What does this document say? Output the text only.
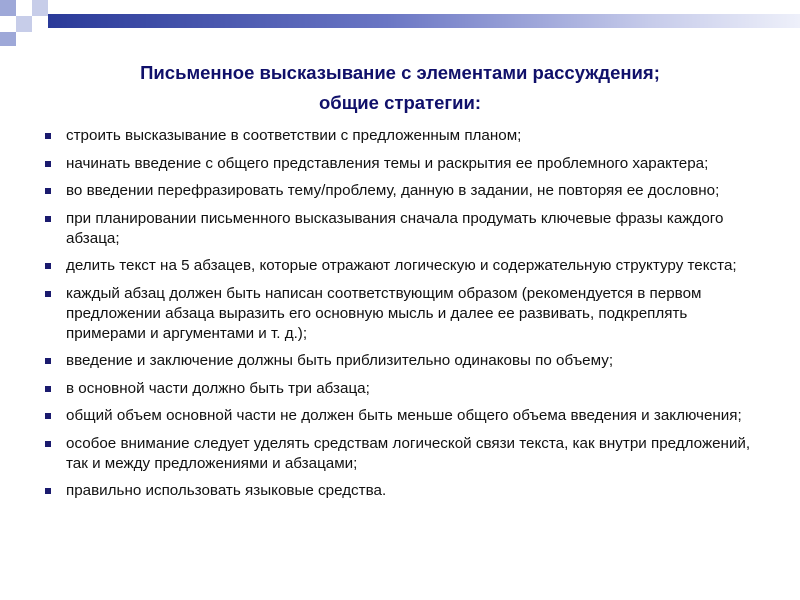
Письменное высказывание с элементами рассуждения;
общие стратегии:
строить высказывание в соответствии с предложенным планом;
начинать введение с общего представления темы и раскрытия ее проблемного характера;
во введении перефразировать тему/проблему, данную в задании, не повторяя ее дословно;
при планировании письменного высказывания сначала продумать ключевые фразы каждого абзаца;
делить текст на 5 абзацев, которые отражают логическую и содержательную структуру текста;
каждый абзац должен быть написан соответствующим образом (рекомендуется в первом предложении абзаца выразить его основную мысль и далее ее развивать, подкреплять примерами и аргументами и т. д.);
введение и заключение должны быть приблизительно одинаковы по объему;
в основной части должно быть три абзаца;
общий объем основной части не должен быть меньше общего объема введения и заключения;
особое внимание следует уделять средствам логической связи текста, как внутри предложений, так и между предложениями и абзацами;
правильно использовать языковые средства.
